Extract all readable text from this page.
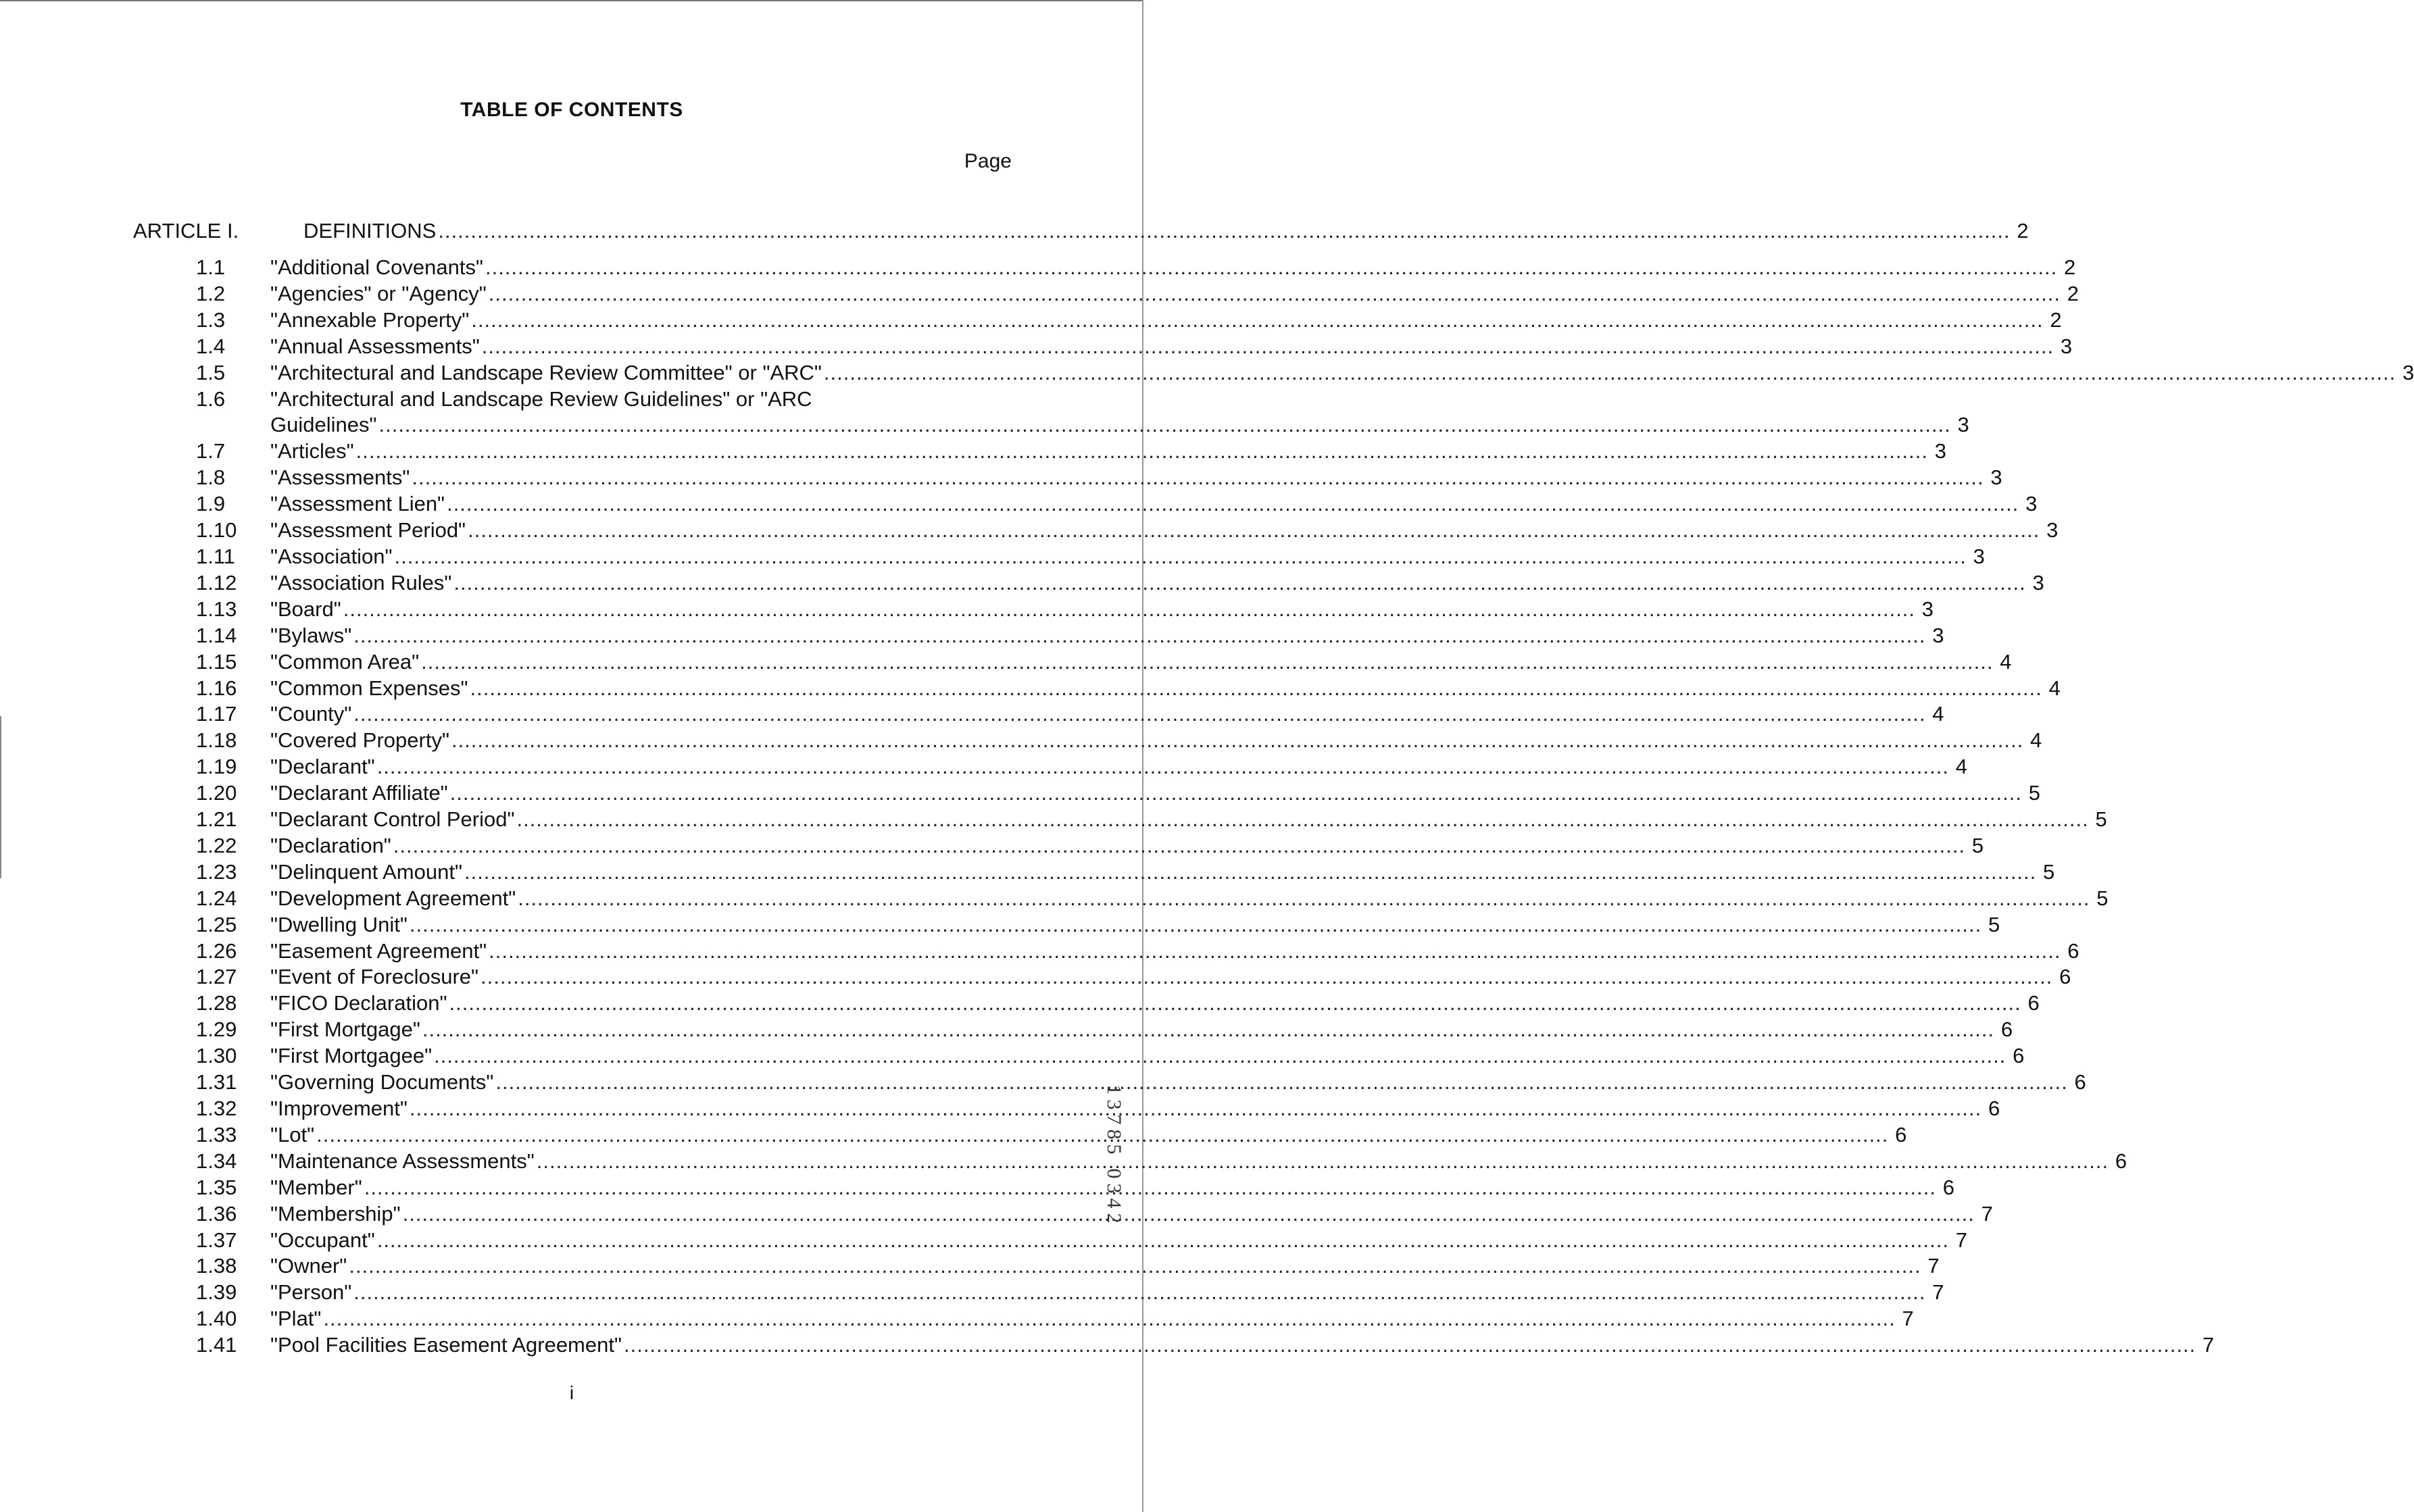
TABLE OF CONTENTS
Page
ARTICLE I.	DEFINITIONS .....	2
1.1	"Additional Covenants" .....	2
1.2	"Agencies" or "Agency" .....	2
1.3	"Annexable Property" .....	2
1.4	"Annual Assessments" .....	3
1.5	"Architectural and Landscape Review Committee" or "ARC" .....	3
1.6	"Architectural and Landscape Review Guidelines" or "ARC
Guidelines" .....	3
1.7	"Articles" .....	3
1.8	"Assessments" .....	3
1.9	"Assessment Lien" .....	3
1.10	"Assessment Period" .....	3
1.11	"Association" .....	3
1.12	"Association Rules" .....	3
1.13	"Board" .....	3
1.14	"Bylaws" .....	3
1.15	"Common Area" .....	4
1.16	"Common Expenses" .....	4
1.17	"County" .....	4
1.18	"Covered Property" .....	4
1.19	"Declarant" .....	4
1.20	"Declarant Affiliate" .....	5
1.21	"Declarant Control Period" .....	5
1.22	"Declaration" .....	5
1.23	"Delinquent Amount" .....	5
1.24	"Development Agreement" .....	5
1.25	"Dwelling Unit" .....	5
1.26	"Easement Agreement" .....	6
1.27	"Event of Foreclosure" .....	6
1.28	"FICO Declaration" .....	6
1.29	"First Mortgage" .....	6
1.30	"First Mortgagee" .....	6
1.31	"Governing Documents" .....	6
1.32	"Improvement" .....	6
1.33	"Lot" .....	6
1.34	"Maintenance Assessments" .....	6
1.35	"Member" .....	6
1.36	"Membership" .....	7
1.37	"Occupant" .....	7
1.38	"Owner" .....	7
1.39	"Person" .....	7
1.40	"Plat" .....	7
1.41	"Pool Facilities Easement Agreement" .....	7
i
1
3
7
8
5
0
3
4
2
